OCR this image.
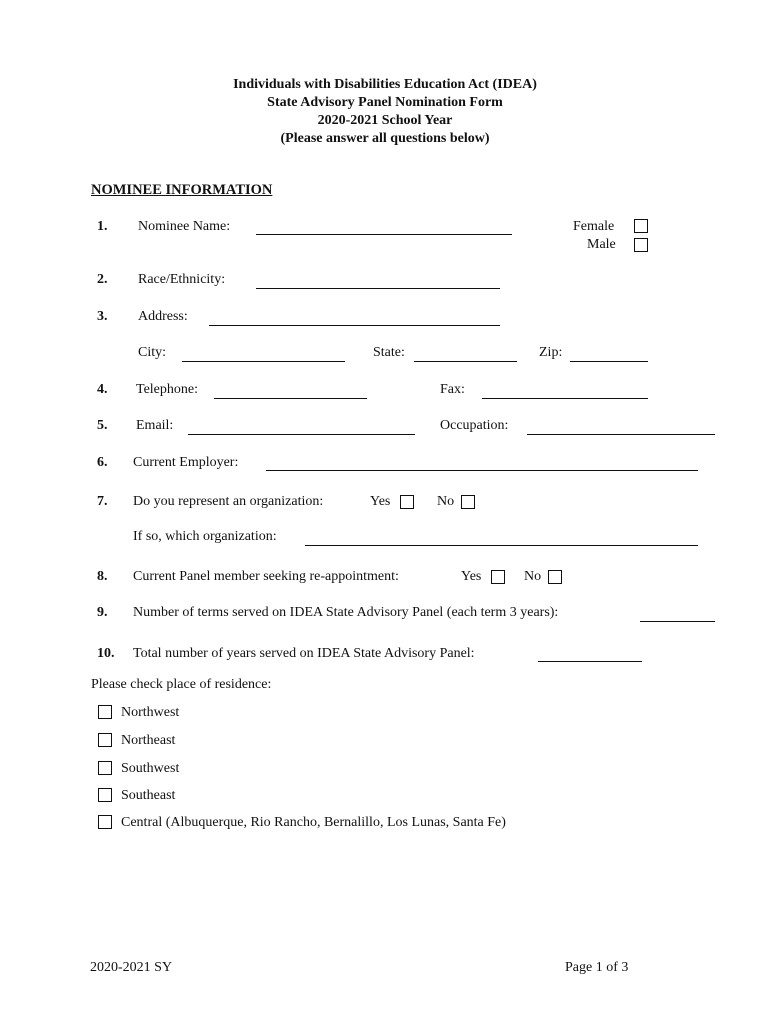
Individuals with Disabilities Education Act (IDEA)
State Advisory Panel Nomination Form
2020-2021 School Year
(Please answer all questions below)
NOMINEE INFORMATION
1. Nominee Name:	Female
Male
2. Race/Ethnicity:
3. Address:
City:	State:	Zip:
4. Telephone:	Fax:
5. Email:	Occupation:
6. Current Employer:
7. Do you represent an organization:	Yes	No
If so, which organization:
8. Current Panel member seeking re-appointment:	Yes	No
9. Number of terms served on IDEA State Advisory Panel (each term 3 years):
10. Total number of years served on IDEA State Advisory Panel:
Please check place of residence:
Northwest
Northeast
Southwest
Southeast
Central (Albuquerque, Rio Rancho, Bernalillo, Los Lunas, Santa Fe)
2020-2021 SY	Page 1 of 3
